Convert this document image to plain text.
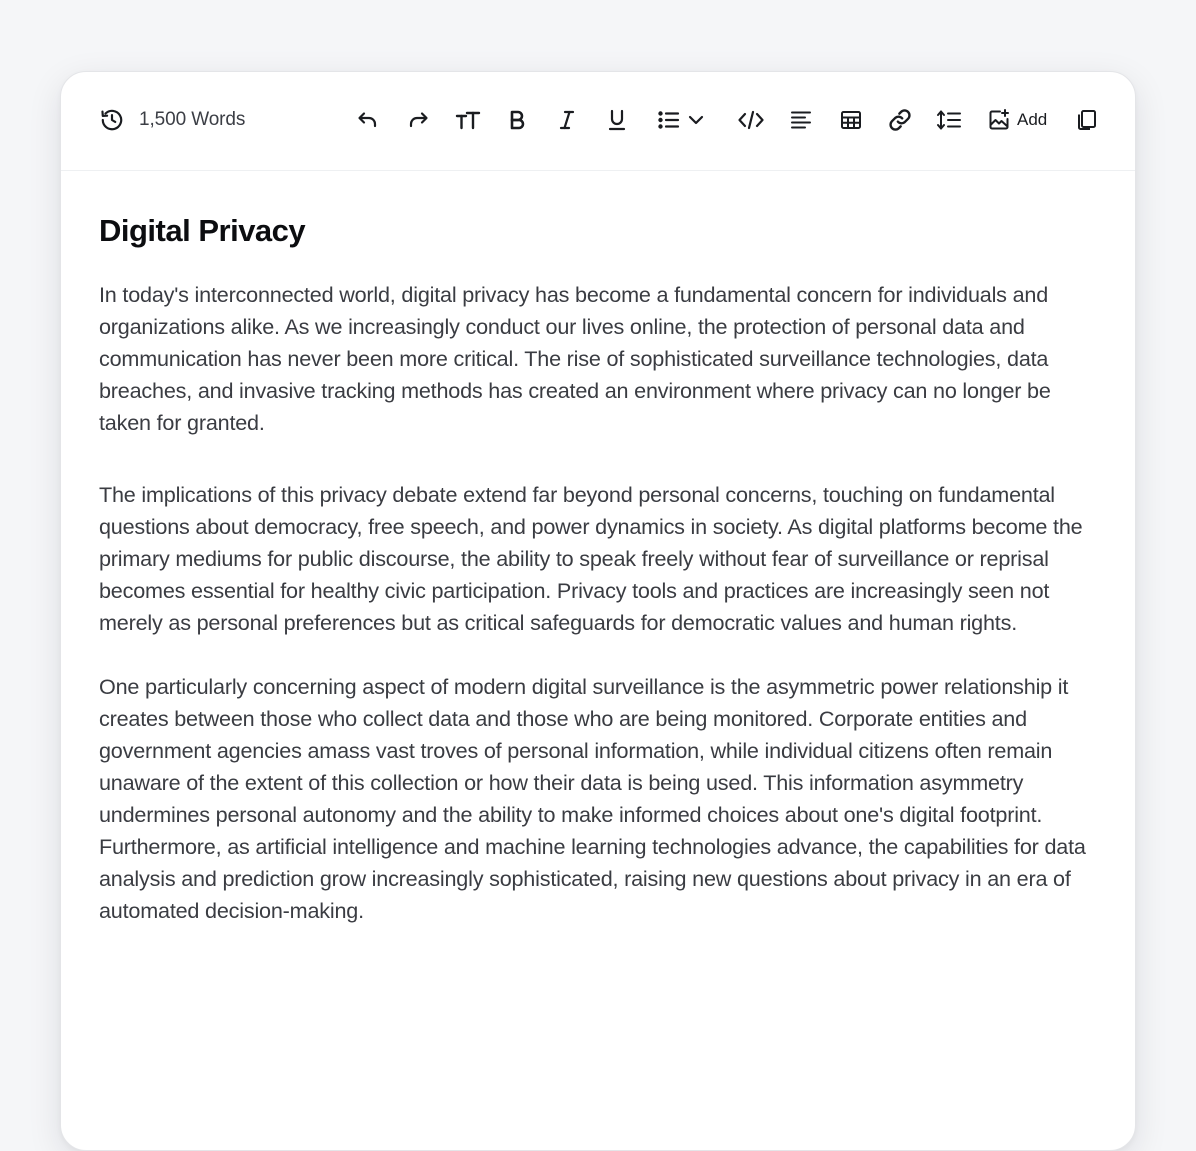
1,500 Words	Add
Digital Privacy

In today's interconnected world, digital privacy has become a fundamental concern for individuals and organizations alike. As we increasingly conduct our lives online, the protection of personal data and communication has never been more critical. The rise of sophisticated surveillance technologies, data breaches, and invasive tracking methods has created an environment where privacy can no longer be taken for granted.

The implications of this privacy debate extend far beyond personal concerns, touching on fundamental questions about democracy, free speech, and power dynamics in society. As digital platforms become the primary mediums for public discourse, the ability to speak freely without fear of surveillance or reprisal becomes essential for healthy civic participation. Privacy tools and practices are increasingly seen not merely as personal preferences but as critical safeguards for democratic values and human rights.

One particularly concerning aspect of modern digital surveillance is the asymmetric power relationship it creates between those who collect data and those who are being monitored. Corporate entities and government agencies amass vast troves of personal information, while individual citizens often remain unaware of the extent of this collection or how their data is being used. This information asymmetry undermines personal autonomy and the ability to make informed choices about one's digital footprint. Furthermore, as artificial intelligence and machine learning technologies advance, the capabilities for data analysis and prediction grow increasingly sophisticated, raising new questions about privacy in an era of automated decision-making.
